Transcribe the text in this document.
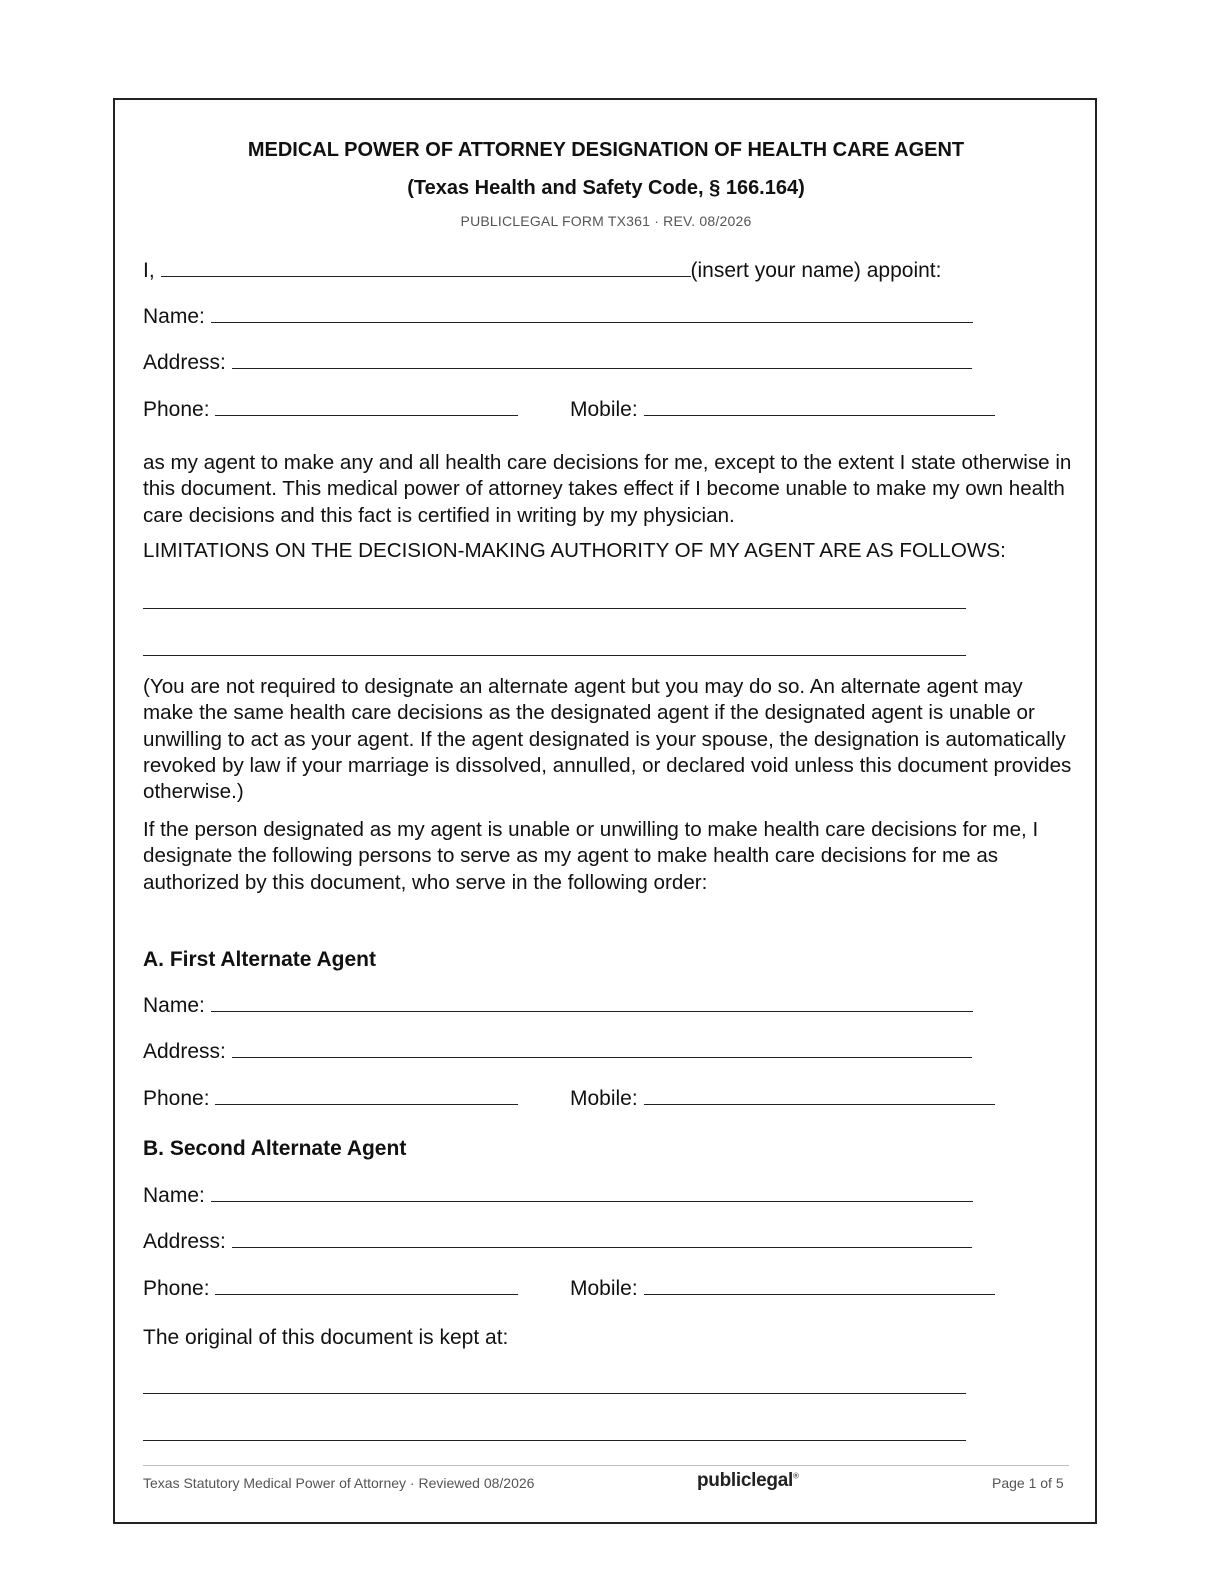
MEDICAL POWER OF ATTORNEY DESIGNATION OF HEALTH CARE AGENT
(Texas Health and Safety Code, § 166.164)
PUBLICLEGAL FORM TX361 · REV. 08/2026
I,	(insert your name) appoint:
Name:
Address:
Phone:	Mobile:
as my agent to make any and all health care decisions for me, except to the extent I state otherwise in this document. This medical power of attorney takes effect if I become unable to make my own health care decisions and this fact is certified in writing by my physician.
LIMITATIONS ON THE DECISION-MAKING AUTHORITY OF MY AGENT ARE AS FOLLOWS:
(You are not required to designate an alternate agent but you may do so. An alternate agent may make the same health care decisions as the designated agent if the designated agent is unable or unwilling to act as your agent. If the agent designated is your spouse, the designation is automatically revoked by law if your marriage is dissolved, annulled, or declared void unless this document provides otherwise.)
If the person designated as my agent is unable or unwilling to make health care decisions for me, I designate the following persons to serve as my agent to make health care decisions for me as authorized by this document, who serve in the following order:
A. First Alternate Agent
Name:
Address:
Phone:	Mobile:
B. Second Alternate Agent
Name:
Address:
Phone:	Mobile:
The original of this document is kept at:
Texas Statutory Medical Power of Attorney · Reviewed 08/2026	publiclegal®	Page 1 of 5
